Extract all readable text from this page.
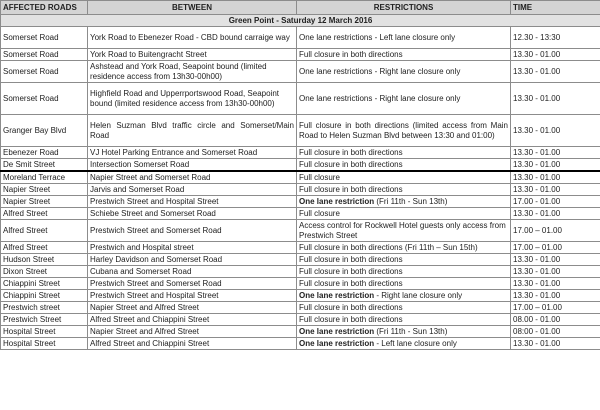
AFFECTED ROADS	BETWEEN	RESTRICTIONS	TIME
Green Point - Saturday 12 March 2016			
Somerset Road	York Road to Ebenezer Road - CBD bound carraige way	One lane restrictions - Left lane closure only	12.30 - 13:30
Somerset Road	York Road to Buitengracht Street	Full closure in both directions	13.30 - 01.00
Somerset Road	Ashstead and York Road, Seapoint bound (limited residence access from 13h30-00h00)	One lane restrictions - Right lane closure only	13.30 - 01.00
Somerset Road	Highfield Road and Upperrportswood Road, Seapoint bound (limited residence access from 13h30-00h00)	One lane restrictions - Right lane closure only	13.30 - 01.00
Granger Bay Blvd	Helen Suzman Blvd traffic circle and Somerset/Main Road	Full closure in both directions (limited access from Main Road to Helen Suzman Blvd between 13:30 and 01:00)	13.30 - 01.00
Ebenezer Road	VJ Hotel Parking Entrance and Somerset Road	Full closure in both directions	13.30 - 01.00
De Smit Street	Intersection Somerset Road	Full closure in both directions	13.30 - 01.00
Moreland Terrace	Napier Street and Somerset Road	Full closure	13.30 - 01.00
Napier Street	Jarvis and Somerset Road	Full closure in both directions	13.30 - 01.00
Napier Street	Prestwich Street and Hospital Street	One lane restriction (Fri 11th - Sun 13th)	17.00 - 01.00
Alfred Street	Schiebe Street and Somerset Road	Full closure	13.30 - 01.00
Alfred Street	Prestwich Street and Somerset Road	Access control for Rockwell Hotel guests only access from Prestwich Street	17.00 – 01.00
Alfred Street	Prestwich and Hospital street	Full closure in both directions (Fri 11th – Sun 15th)	17.00 – 01.00
Hudson Street	Harley Davidson and Somerset Road	Full closure in both directions	13.30 - 01.00
Dixon Street	Cubana and Somerset Road	Full closure in both directions	13.30 - 01.00
Chiappini Street	Prestwich Street and Somerset Road	Full closure in both directions	13.30 - 01.00
Chiappini Street	Prestwich Street and Hospital Street	One lane restriction - Right lane closure only	13.30 - 01.00
Prestwich street	Napier Street and Alfred Street	Full closure in both directions	17.00 – 01.00
Prestwich Street	Alfred Street and Chiappini Street	Full closure in both directions	08.00 - 01.00
Hospital Street	Napier Street and Alfred Street	One lane restriction (Fri 11th - Sun 13th)	08:00 - 01.00
Hospital Street	Alfred Street and Chiappini Street	One lane restriction - Left lane closure only	13.30 - 01.00
